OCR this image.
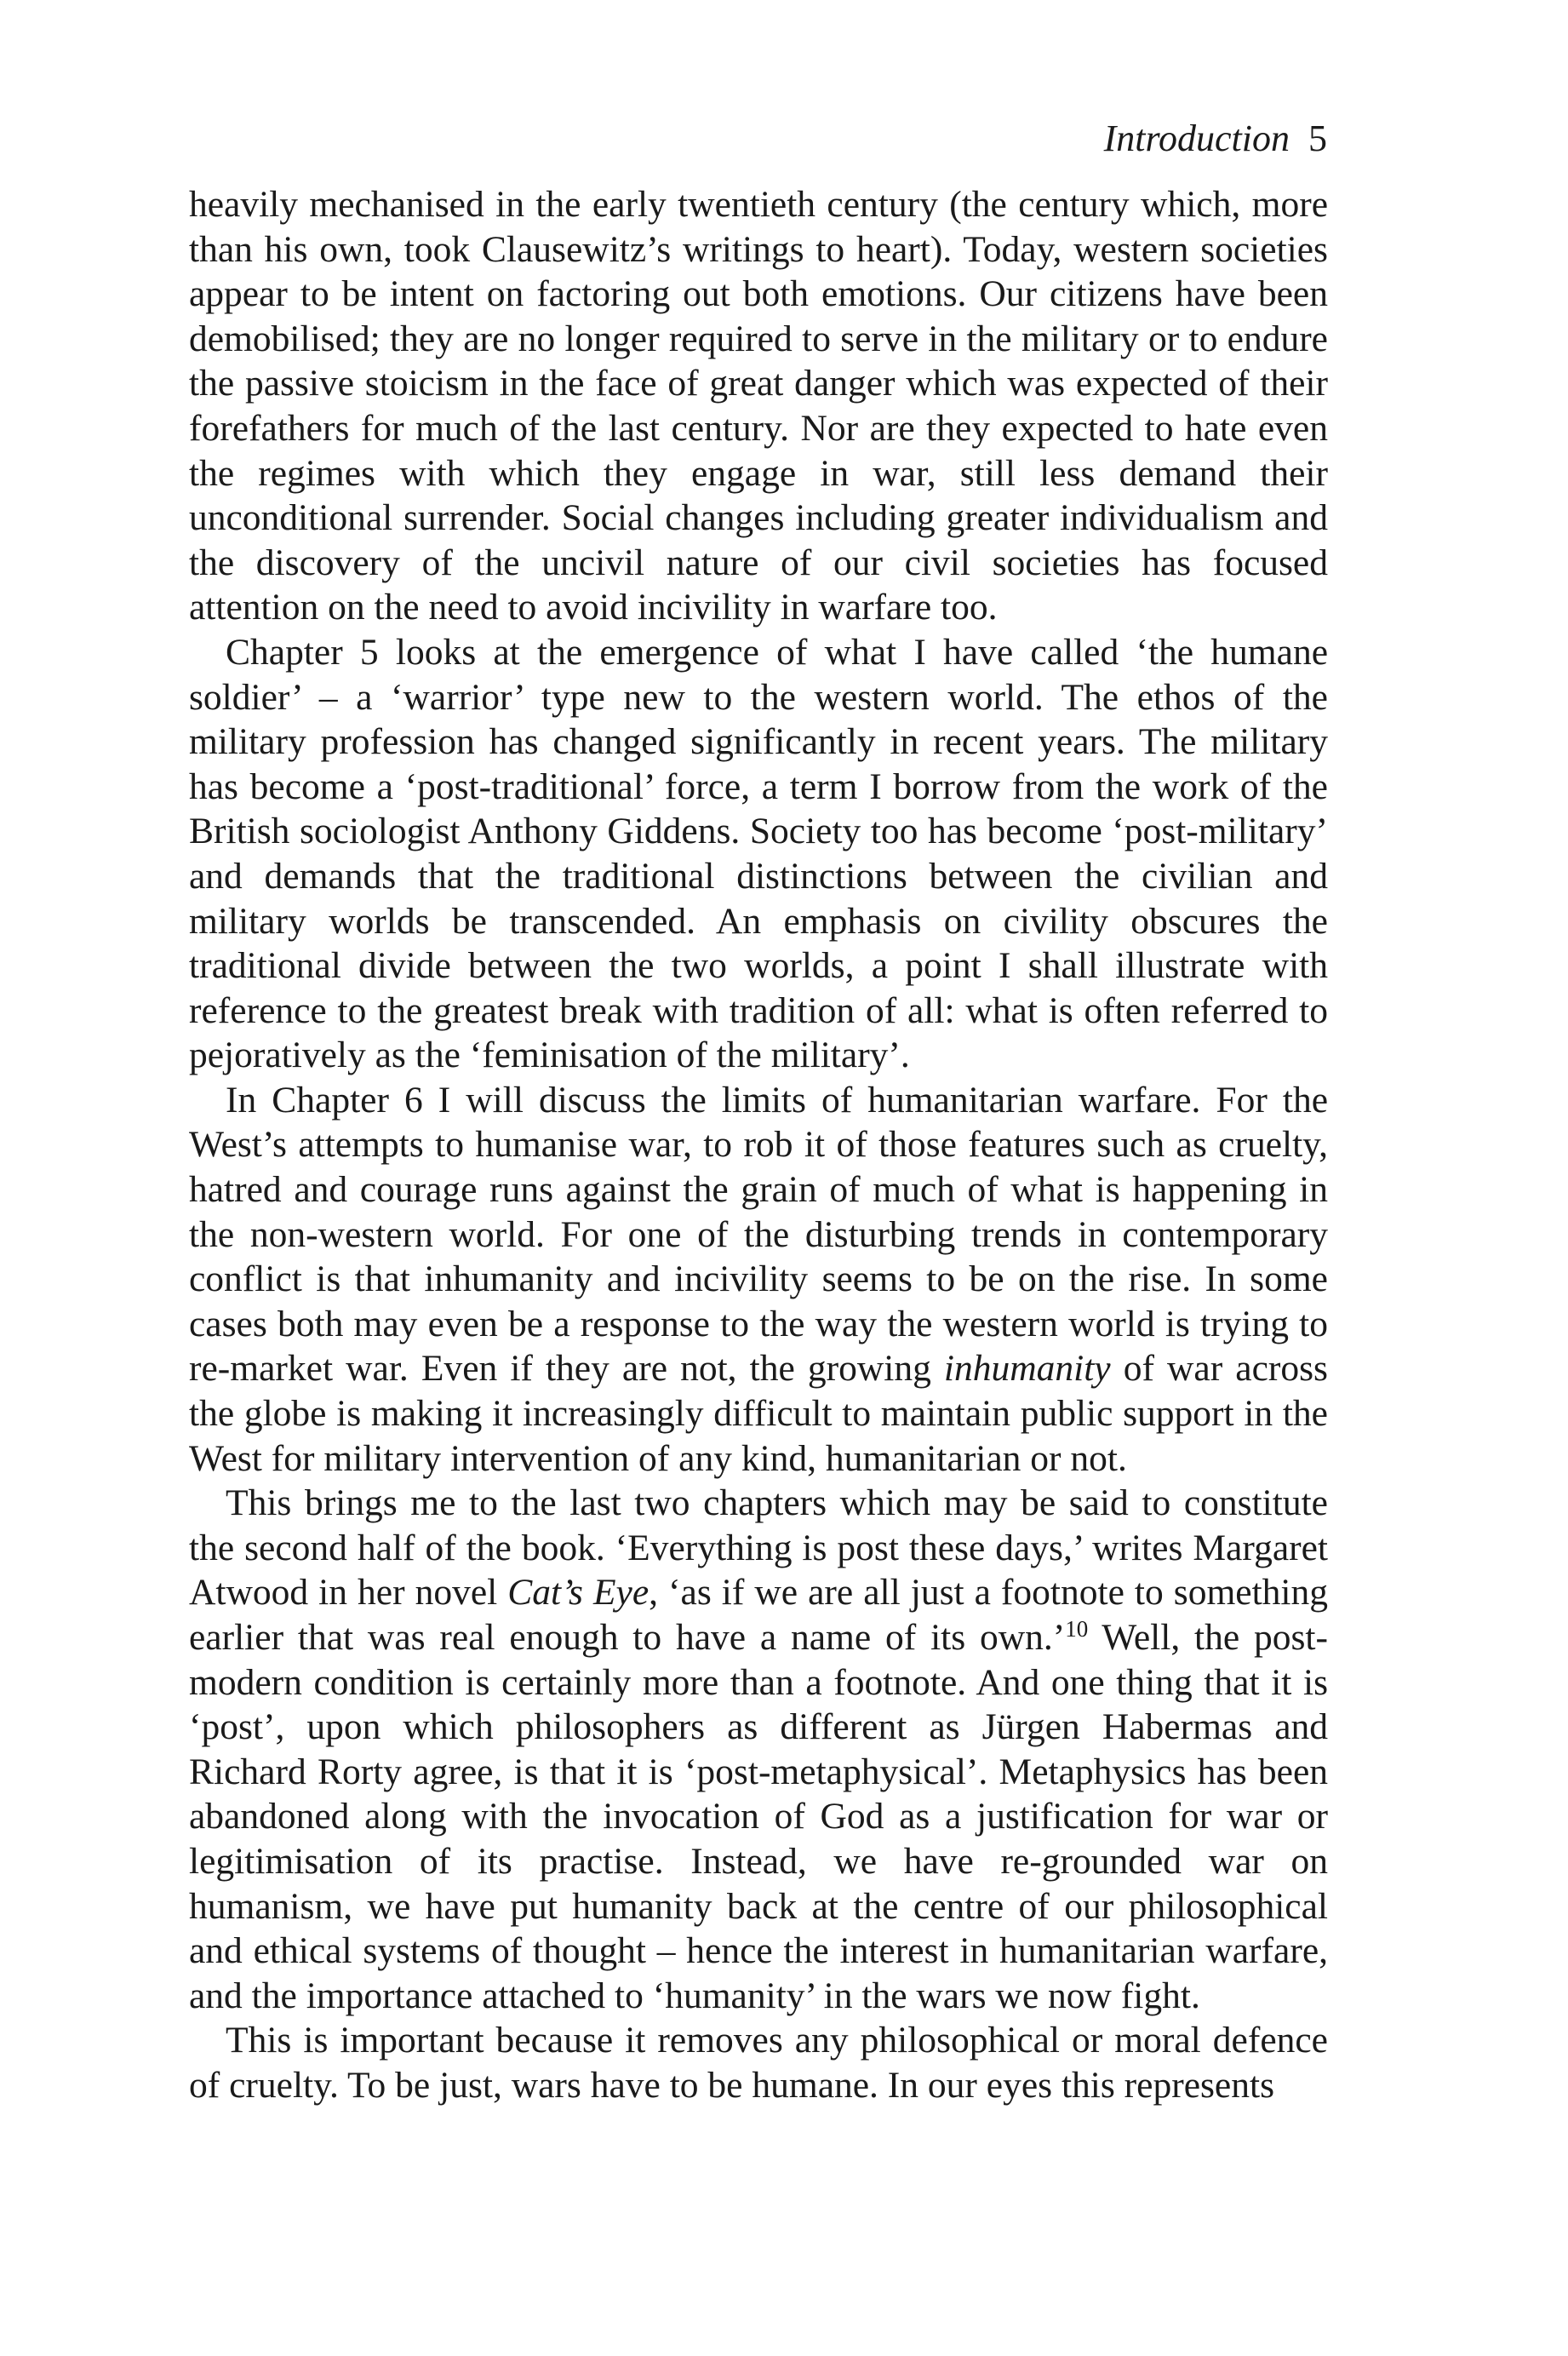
Introduction 5

heavily mechanised in the early twentieth century (the century which, more than his own, took Clausewitz’s writings to heart). Today, western societies appear to be intent on factoring out both emotions. Our citizens have been demobilised; they are no longer required to serve in the military or to endure the passive stoicism in the face of great danger which was expected of their forefathers for much of the last century. Nor are they expected to hate even the regimes with which they engage in war, still less demand their unconditional surrender. Social changes including greater individualism and the discovery of the uncivil nature of our civil societies has focused attention on the need to avoid incivility in warfare too.

Chapter 5 looks at the emergence of what I have called ‘the humane soldier’ – a ‘warrior’ type new to the western world. The ethos of the military profession has changed significantly in recent years. The military has become a ‘post-traditional’ force, a term I borrow from the work of the British sociologist Anthony Giddens. Society too has become ‘post-military’ and demands that the traditional distinctions between the civilian and military worlds be transcended. An emphasis on civility obscures the traditional divide between the two worlds, a point I shall illustrate with reference to the greatest break with tradition of all: what is often referred to pejoratively as the ‘feminisation of the military’.

In Chapter 6 I will discuss the limits of humanitarian warfare. For the West’s attempts to humanise war, to rob it of those features such as cruelty, hatred and courage runs against the grain of much of what is happening in the non-western world. For one of the disturbing trends in contemporary conflict is that inhumanity and incivility seems to be on the rise. In some cases both may even be a response to the way the western world is trying to re-market war. Even if they are not, the growing inhumanity of war across the globe is making it increasingly difficult to maintain public support in the West for military intervention of any kind, humanitarian or not.

This brings me to the last two chapters which may be said to constitute the second half of the book. ‘Everything is post these days,’ writes Margaret Atwood in her novel Cat’s Eye, ‘as if we are all just a footnote to something earlier that was real enough to have a name of its own.’$^{10}$ Well, the post-modern condition is certainly more than a footnote. And one thing that it is ‘post’, upon which philosophers as different as Jürgen Habermas and Richard Rorty agree, is that it is ‘post-metaphysical’. Metaphysics has been abandoned along with the invocation of God as a justification for war or legitimisation of its practise. Instead, we have re-grounded war on humanism, we have put humanity back at the centre of our philosophical and ethical systems of thought – hence the interest in humanitarian warfare, and the importance attached to ‘humanity’ in the wars we now fight.

This is important because it removes any philosophical or moral defence of cruelty. To be just, wars have to be humane. In our eyes this represents
